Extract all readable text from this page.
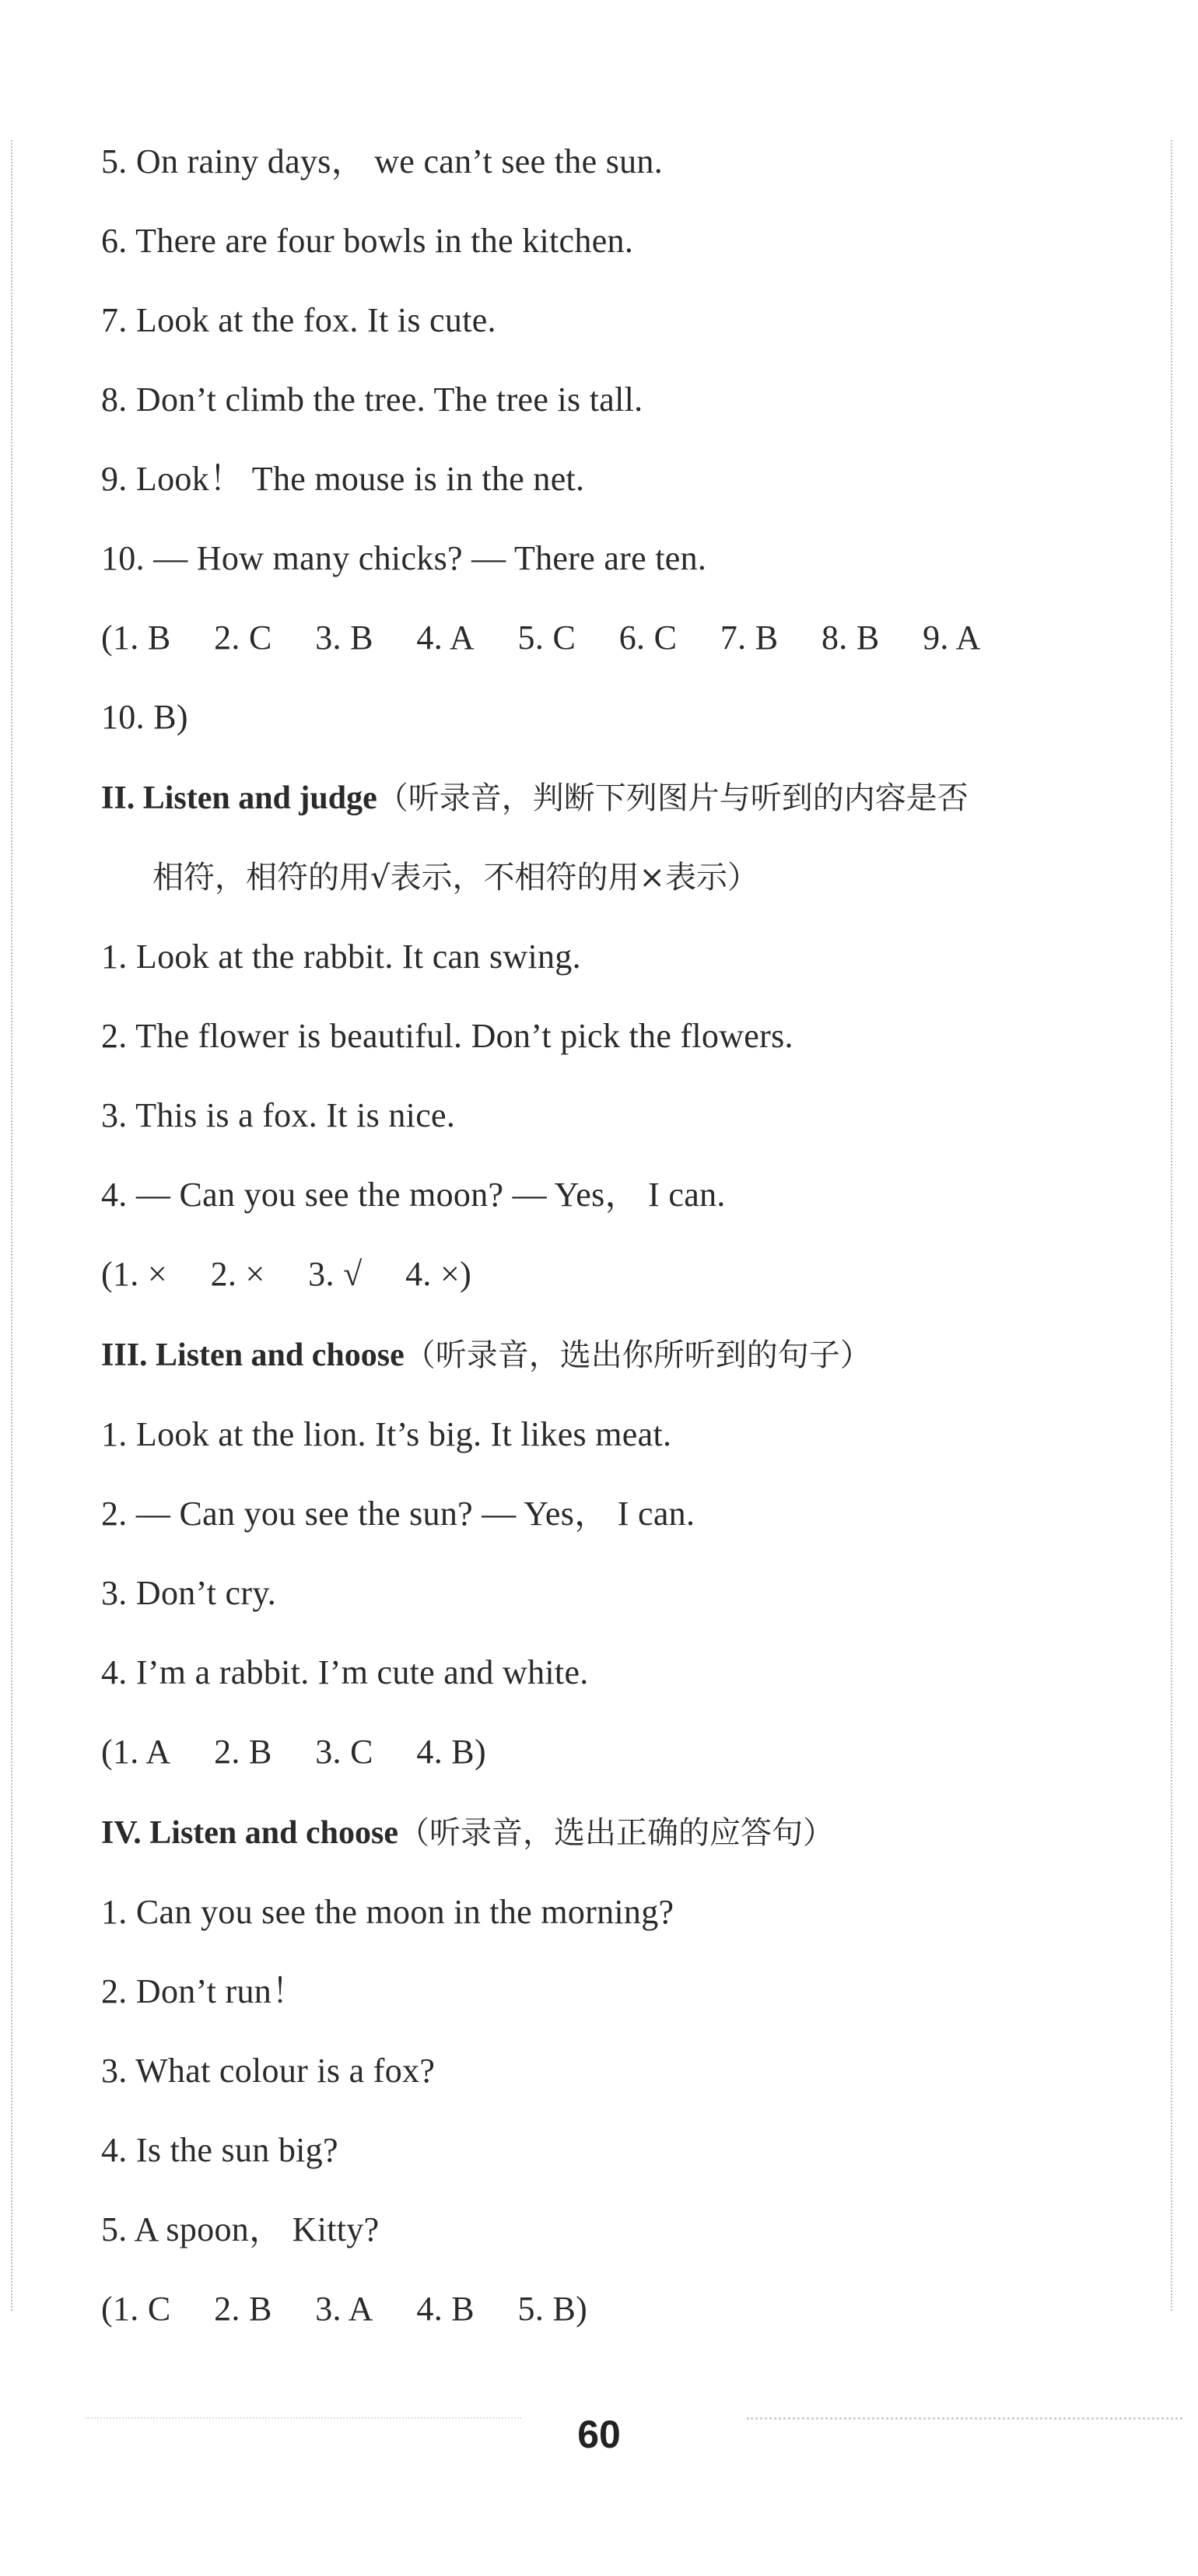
5. On rainy days， we can’t see the sun.
6. There are four bowls in the kitchen.
7. Look at the fox. It is cute.
8. Don’t climb the tree. The tree is tall.
9. Look！ The mouse is in the net.
10. — How many chicks? — There are ten.
(1. B  2. C  3. B  4. A  5. C  6. C  7. B  8. B  9. A
10. B)
II. Listen and judge（听录音，判断下列图片与听到的内容是否
相符，相符的用√表示，不相符的用×表示）
1. Look at the rabbit. It can swing.
2. The flower is beautiful. Don’t pick the flowers.
3. This is a fox. It is nice.
4. — Can you see the moon? — Yes， I can.
(1. ×  2. ×  3. √  4. ×)
III. Listen and choose（听录音，选出你所听到的句子）
1. Look at the lion. It’s big. It likes meat.
2. — Can you see the sun? — Yes， I can.
3. Don’t cry.
4. I’m a rabbit. I’m cute and white.
(1. A  2. B  3. C  4. B)
IV. Listen and choose（听录音，选出正确的应答句）
1. Can you see the moon in the morning?
2. Don’t run！
3. What colour is a fox?
4. Is the sun big?
5. A spoon， Kitty?
(1. C  2. B  3. A  4. B  5. B)
60
